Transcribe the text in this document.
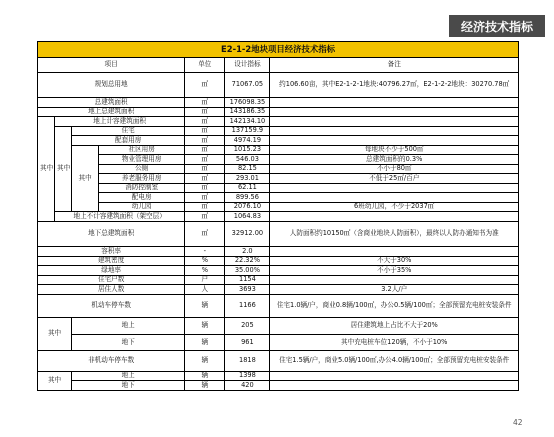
经济技术指标
E2-1-2地块项目经济技术指标						
项目				单位	设计指标	备注
规划总用地				㎡	71067.05	约106.60亩，其中E2-1-2-1地块:40796.27㎡，E2-1-2-2地块：30270.78㎡
总建筑面积				㎡	176098.35	
地上总建筑面积				㎡	143186.35	
其中	地上计容建筑面积			㎡	142134.10	
	其中	住宅		㎡	137159.9	
		配套用房		㎡	4974.19	
		其中	社区用房	㎡	1015.23	每地块不少于500㎡
			物业管理用房	㎡	546.03	总建筑面积的0.3%
			公厕	㎡	82.15	不小于80㎡
			养老服务用房	㎡	293.01	不低于25㎡/百户
			消防控制室	㎡	62.11	
			配电房	㎡	899.56	
			幼儿园	㎡	2076.10	6班幼儿园，不少于2037㎡
	地上不计容建筑面积（架空层）			㎡	1064.83	
地下总建筑面积				㎡	32912.00	人防面积约10150㎡（含商业地块人防面积），最终以人防办通知书为准
容积率				-	2.0	
建筑密度				%	22.32%	不大于30%
绿地率				%	35.00%	不小于35%
住宅户数				户	1154	
居住人数				人	3693	3.2人/户
机动车停车数				辆	1166	住宅1.0辆/户，商业0.8辆/100㎡，办公0.5辆/100㎡；全部预留充电桩安装条件
其中		地上		辆	205	居住建筑地上占比不大于20%
		地下		辆	961	其中充电桩车位120辆，不小于10%
非机动车停车数				辆	1818	住宅1.5辆/户，商业5.0辆/100㎡,办公4.0辆/100㎡；全部预留充电桩安装条件
其中		地上		辆	1398	
		地下		辆	420	
42
